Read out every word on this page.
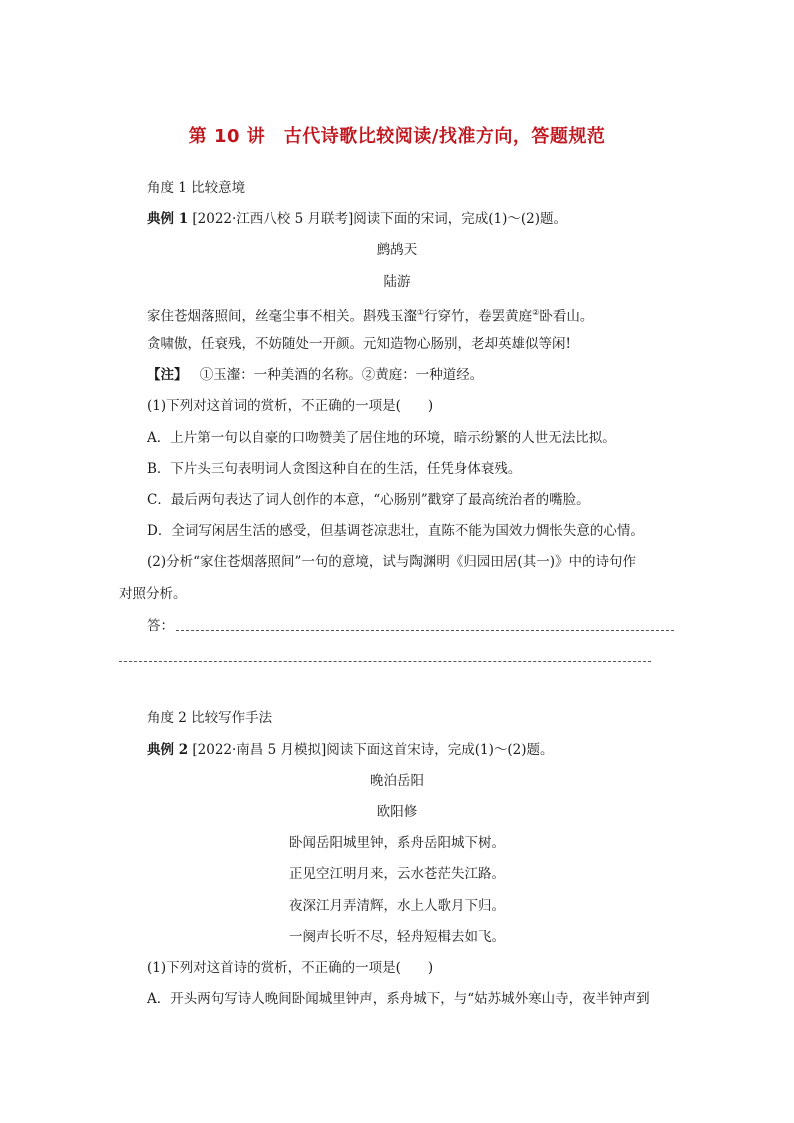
第 10 讲　古代诗歌比较阅读/找准方向，答题规范
角度 1 比较意境
典例 1 [2022·江西八校 5 月联考]阅读下面的宋词，完成(1)～(2)题。
鹧鸪天
陆游
家住苍烟落照间，丝毫尘事不相关。斟残玉瀣①行穿竹，卷罢黄庭②卧看山。
贪啸傲，任衰残，不妨随处一开颜。元知造物心肠别，老却英雄似等闲!
【注】 ①玉瀣：一种美酒的名称。②黄庭：一种道经。
(1)下列对这首词的赏析，不正确的一项是(　　)
A．上片第一句以自豪的口吻赞美了居住地的环境，暗示纷繁的人世无法比拟。
B．下片头三句表明词人贪图这种自在的生活，任凭身体衰残。
C．最后两句表达了词人创作的本意，“心肠别”戳穿了最高统治者的嘴脸。
D．全词写闲居生活的感受，但基调苍凉悲壮，直陈不能为国效力惆怅失意的心情。
(2)分析“家住苍烟落照间”一句的意境，试与陶渊明《归园田居(其一)》中的诗句作
对照分析。
答：
角度 2 比较写作手法
典例 2 [2022·南昌 5 月模拟]阅读下面这首宋诗，完成(1)～(2)题。
晚泊岳阳
欧阳修
卧闻岳阳城里钟，系舟岳阳城下树。
正见空江明月来，云水苍茫失江路。
夜深江月弄清辉，水上人歌月下归。
一阕声长听不尽，轻舟短楫去如飞。
(1)下列对这首诗的赏析，不正确的一项是(　　)
A．开头两句写诗人晚间卧闻城里钟声，系舟城下，与“姑苏城外寒山寺，夜半钟声到
